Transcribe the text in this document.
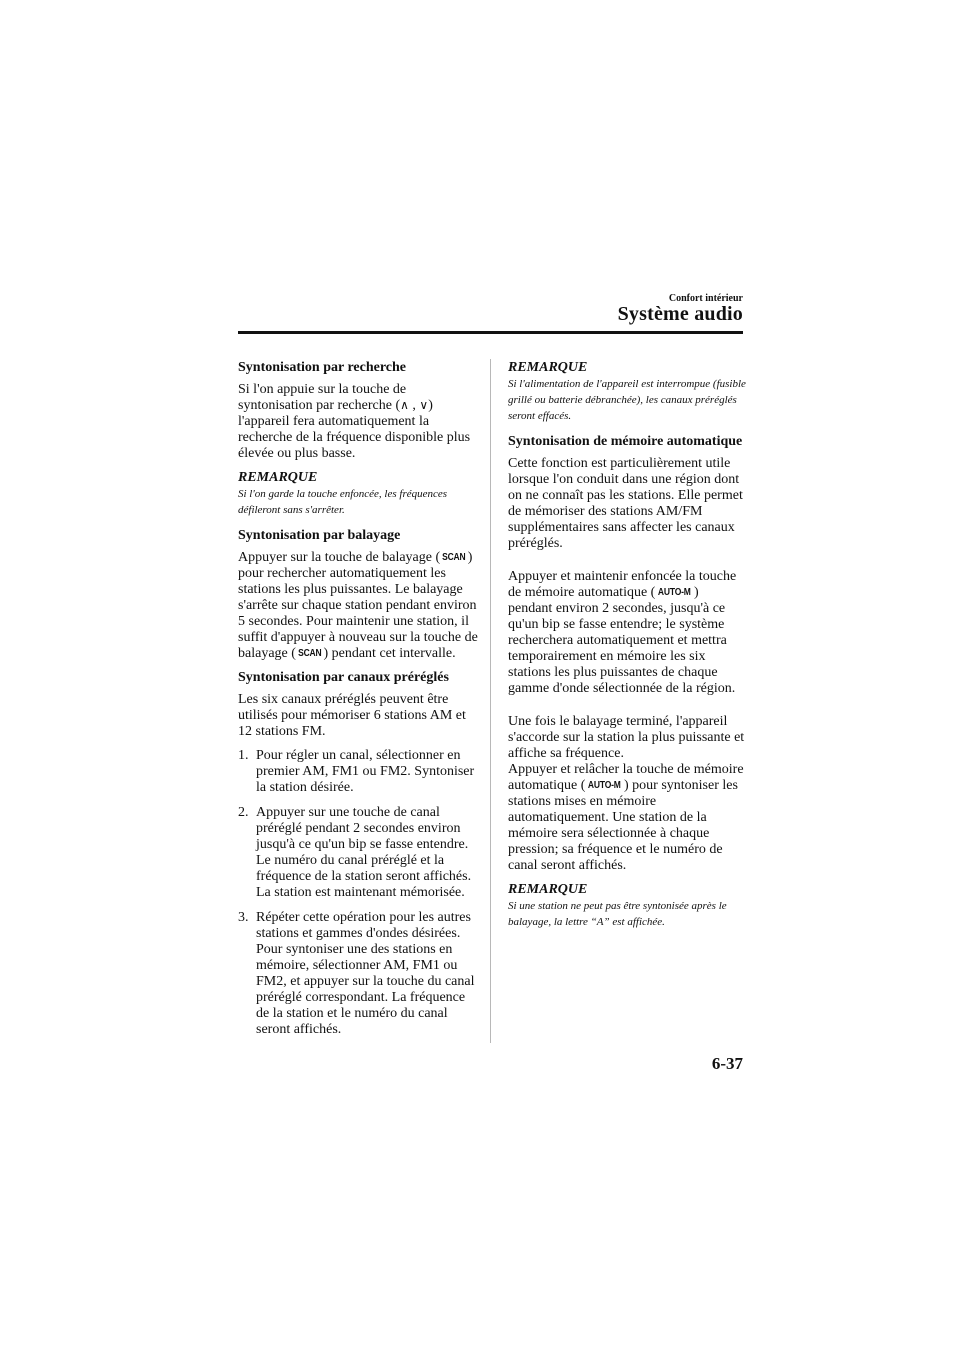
Confort intérieur

Système audio
Syntonisation par recherche

Si l'on appuie sur la touche de syntonisation par recherche (∧ , ∨) l'appareil fera automatiquement la recherche de la fréquence disponible plus élevée ou plus basse.

REMARQUE

Si l'on garde la touche enfoncée, les fréquences défileront sans s'arrêter.

Syntonisation par balayage

Appuyer sur la touche de balayage ( SCAN ) pour rechercher automatiquement les stations les plus puissantes. Le balayage s'arrête sur chaque station pendant environ 5 secondes. Pour maintenir une station, il suffit d'appuyer à nouveau sur la touche de balayage ( SCAN ) pendant cet intervalle.

Syntonisation par canaux préréglés

Les six canaux préréglés peuvent être utilisés pour mémoriser 6 stations AM et 12 stations FM.

1. Pour régler un canal, sélectionner en premier AM, FM1 ou FM2. Syntoniser la station désirée.
2. Appuyer sur une touche de canal préréglé pendant 2 secondes environ jusqu'à ce qu'un bip se fasse entendre. Le numéro du canal préréglé et la fréquence de la station seront affichés. La station est maintenant mémorisée.
3. Répéter cette opération pour les autres stations et gammes d'ondes désirées. Pour syntoniser une des stations en mémoire, sélectionner AM, FM1 ou FM2, et appuyer sur la touche du canal préréglé correspondant. La fréquence de la station et le numéro du canal seront affichés.

REMARQUE

Si l'alimentation de l'appareil est interrompue (fusible grillé ou batterie débranchée), les canaux préréglés seront effacés.

Syntonisation de mémoire automatique

Cette fonction est particulièrement utile lorsque l'on conduit dans une région dont on ne connaît pas les stations. Elle permet de mémoriser des stations AM/FM supplémentaires sans affecter les canaux préréglés.

Appuyer et maintenir enfoncée la touche de mémoire automatique ( AUTO-M ) pendant environ 2 secondes, jusqu'à ce qu'un bip se fasse entendre; le système recherchera automatiquement et mettra temporairement en mémoire les six stations les plus puissantes de chaque gamme d'onde sélectionnée de la région.

Une fois le balayage terminé, l'appareil s'accorde sur la station la plus puissante et affiche sa fréquence.

Appuyer et relâcher la touche de mémoire automatique ( AUTO-M ) pour syntoniser les stations mises en mémoire automatiquement. Une station de la mémoire sera sélectionnée à chaque pression; sa fréquence et le numéro de canal seront affichés.

REMARQUE

Si une station ne peut pas être syntonisée après le balayage, la lettre “A” est affichée.

6-37
